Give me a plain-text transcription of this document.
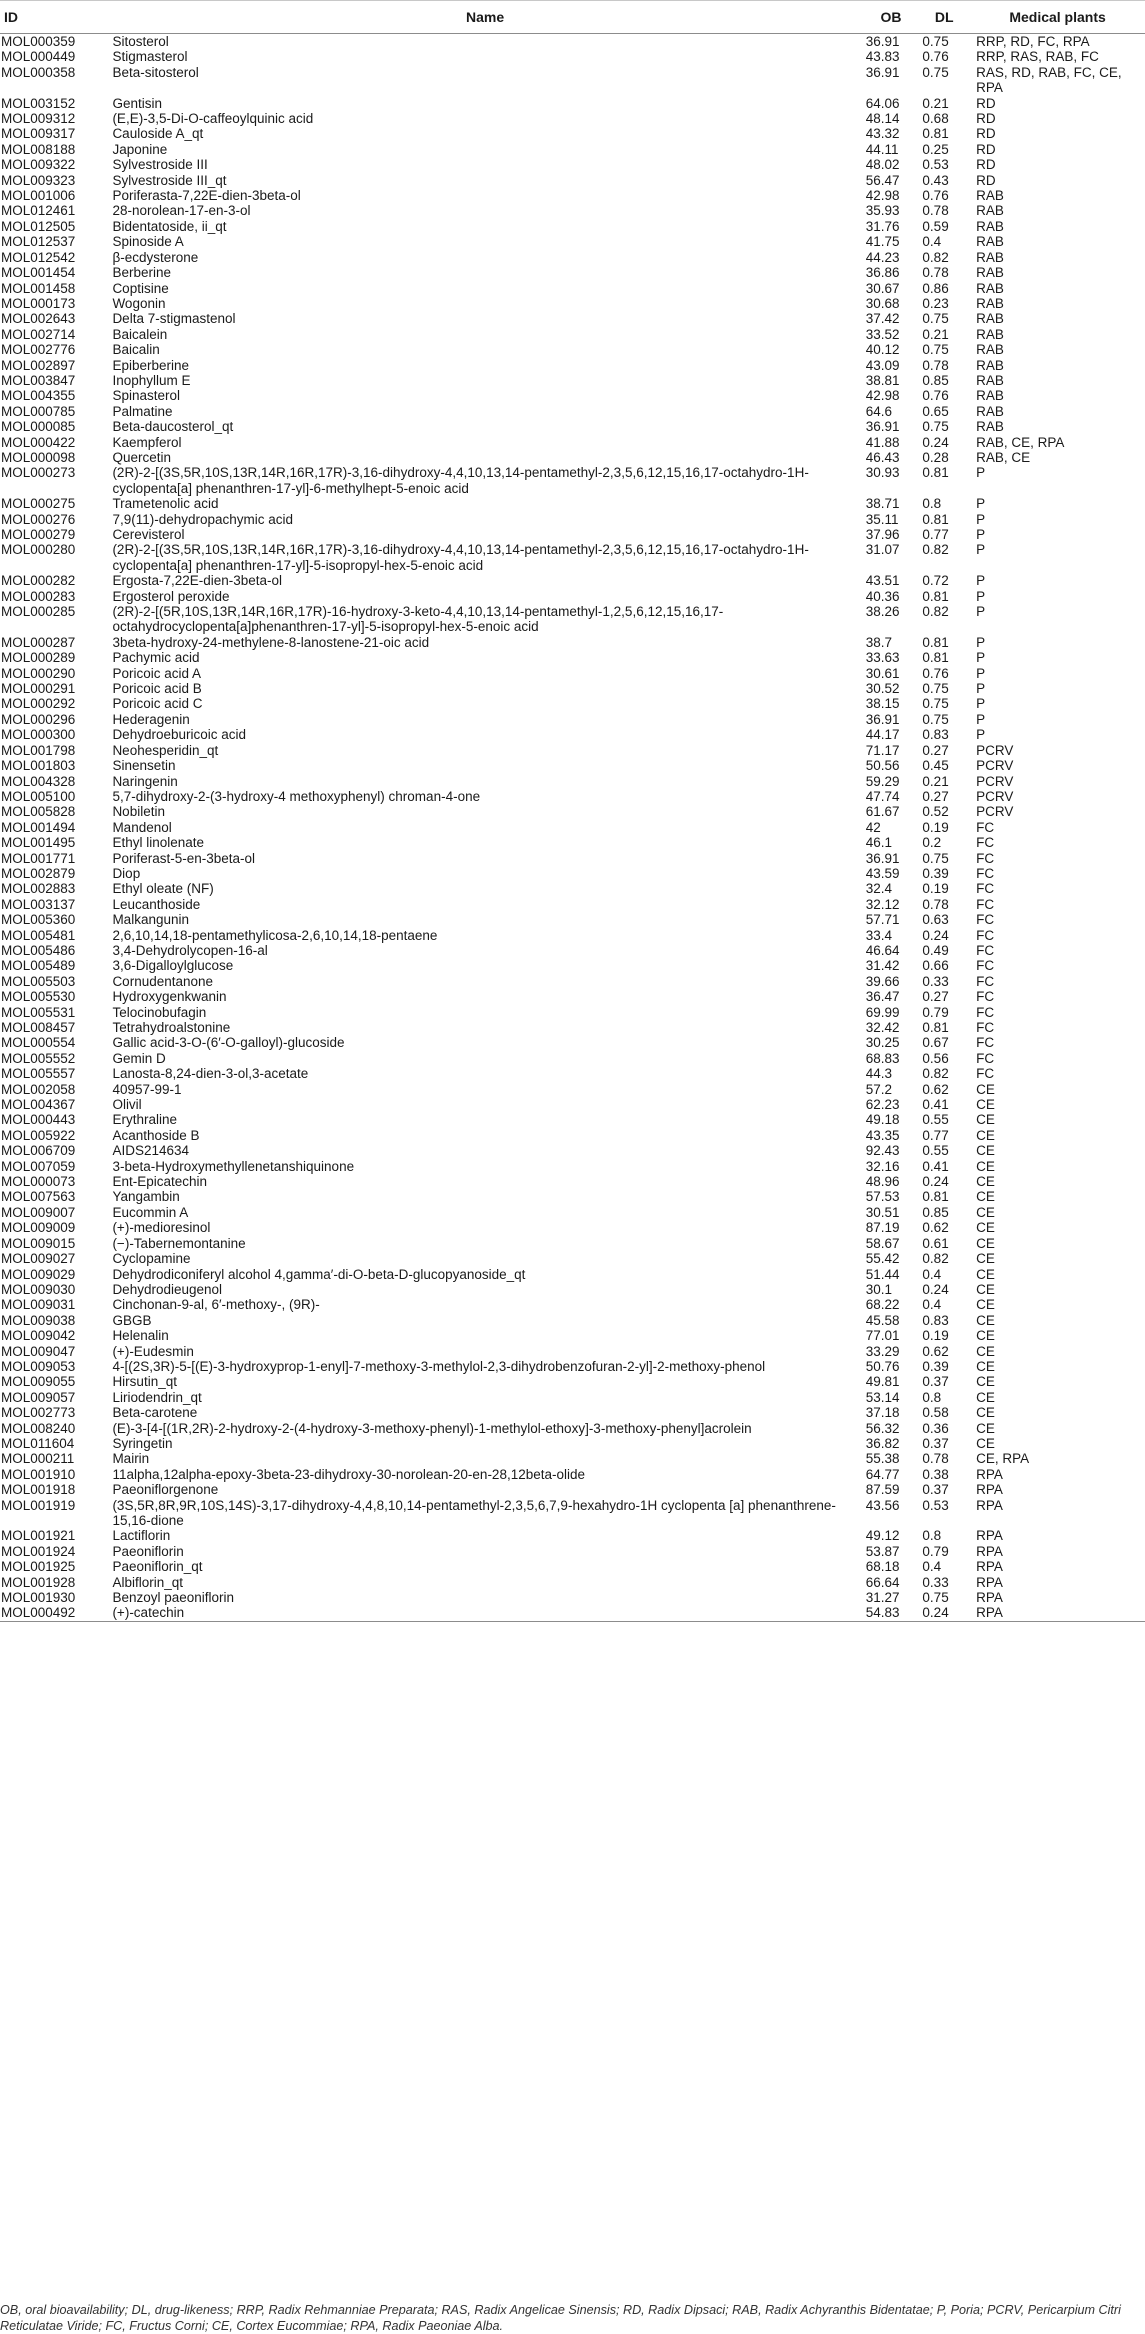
ID	Name	OB	DL	Medical plants
MOL000359	Sitosterol	36.91	0.75	RRP, RD, FC, RPA
MOL000449	Stigmasterol	43.83	0.76	RRP, RAS, RAB, FC
MOL000358	Beta-sitosterol	36.91	0.75	RAS, RD, RAB, FC, CE, RPA
MOL003152	Gentisin	64.06	0.21	RD
MOL009312	(E,E)-3,5-Di-O-caffeoylquinic acid	48.14	0.68	RD
MOL009317	Cauloside A_qt	43.32	0.81	RD
MOL008188	Japonine	44.11	0.25	RD
MOL009322	Sylvestroside III	48.02	0.53	RD
MOL009323	Sylvestroside III_qt	56.47	0.43	RD
MOL001006	Poriferasta-7,22E-dien-3beta-ol	42.98	0.76	RAB
MOL012461	28-norolean-17-en-3-ol	35.93	0.78	RAB
MOL012505	Bidentatoside, ii_qt	31.76	0.59	RAB
MOL012537	Spinoside A	41.75	0.4	RAB
MOL012542	β-ecdysterone	44.23	0.82	RAB
MOL001454	Berberine	36.86	0.78	RAB
MOL001458	Coptisine	30.67	0.86	RAB
MOL000173	Wogonin	30.68	0.23	RAB
MOL002643	Delta 7-stigmastenol	37.42	0.75	RAB
MOL002714	Baicalein	33.52	0.21	RAB
MOL002776	Baicalin	40.12	0.75	RAB
MOL002897	Epiberberine	43.09	0.78	RAB
MOL003847	Inophyllum E	38.81	0.85	RAB
MOL004355	Spinasterol	42.98	0.76	RAB
MOL000785	Palmatine	64.6	0.65	RAB
MOL000085	Beta-daucosterol_qt	36.91	0.75	RAB
MOL000422	Kaempferol	41.88	0.24	RAB, CE, RPA
MOL000098	Quercetin	46.43	0.28	RAB, CE
MOL000273	(2R)-2-[(3S,5R,10S,13R,14R,16R,17R)-3,16-dihydroxy-4,4,10,13,14-pentamethyl-2,3,5,6,12,15,16,17-octahydro-1H-cyclopenta[a] phenanthren-17-yl]-6-methylhept-5-enoic acid	30.93	0.81	P
MOL000275	Trametenolic acid	38.71	0.8	P
MOL000276	7,9(11)-dehydropachymic acid	35.11	0.81	P
MOL000279	Cerevisterol	37.96	0.77	P
MOL000280	(2R)-2-[(3S,5R,10S,13R,14R,16R,17R)-3,16-dihydroxy-4,4,10,13,14-pentamethyl-2,3,5,6,12,15,16,17-octahydro-1H-cyclopenta[a] phenanthren-17-yl]-5-isopropyl-hex-5-enoic acid	31.07	0.82	P
MOL000282	Ergosta-7,22E-dien-3beta-ol	43.51	0.72	P
MOL000283	Ergosterol peroxide	40.36	0.81	P
MOL000285	(2R)-2-[(5R,10S,13R,14R,16R,17R)-16-hydroxy-3-keto-4,4,10,13,14-pentamethyl-1,2,5,6,12,15,16,17-octahydrocyclopenta[a]phenanthren-17-yl]-5-isopropyl-hex-5-enoic acid	38.26	0.82	P
MOL000287	3beta-hydroxy-24-methylene-8-lanostene-21-oic acid	38.7	0.81	P
MOL000289	Pachymic acid	33.63	0.81	P
MOL000290	Poricoic acid A	30.61	0.76	P
MOL000291	Poricoic acid B	30.52	0.75	P
MOL000292	Poricoic acid C	38.15	0.75	P
MOL000296	Hederagenin	36.91	0.75	P
MOL000300	Dehydroeburicoic acid	44.17	0.83	P
MOL001798	Neohesperidin_qt	71.17	0.27	PCRV
MOL001803	Sinensetin	50.56	0.45	PCRV
MOL004328	Naringenin	59.29	0.21	PCRV
MOL005100	5,7-dihydroxy-2-(3-hydroxy-4 methoxyphenyl) chroman-4-one	47.74	0.27	PCRV
MOL005828	Nobiletin	61.67	0.52	PCRV
MOL001494	Mandenol	42	0.19	FC
MOL001495	Ethyl linolenate	46.1	0.2	FC
MOL001771	Poriferast-5-en-3beta-ol	36.91	0.75	FC
MOL002879	Diop	43.59	0.39	FC
MOL002883	Ethyl oleate (NF)	32.4	0.19	FC
MOL003137	Leucanthoside	32.12	0.78	FC
MOL005360	Malkangunin	57.71	0.63	FC
MOL005481	2,6,10,14,18-pentamethylicosa-2,6,10,14,18-pentaene	33.4	0.24	FC
MOL005486	3,4-Dehydrolycopen-16-al	46.64	0.49	FC
MOL005489	3,6-Digalloylglucose	31.42	0.66	FC
MOL005503	Cornudentanone	39.66	0.33	FC
MOL005530	Hydroxygenkwanin	36.47	0.27	FC
MOL005531	Telocinobufagin	69.99	0.79	FC
MOL008457	Tetrahydroalstonine	32.42	0.81	FC
MOL000554	Gallic acid-3-O-(6′-O-galloyl)-glucoside	30.25	0.67	FC
MOL005552	Gemin D	68.83	0.56	FC
MOL005557	Lanosta-8,24-dien-3-ol,3-acetate	44.3	0.82	FC
MOL002058	40957-99-1	57.2	0.62	CE
MOL004367	Olivil	62.23	0.41	CE
MOL000443	Erythraline	49.18	0.55	CE
MOL005922	Acanthoside B	43.35	0.77	CE
MOL006709	AIDS214634	92.43	0.55	CE
MOL007059	3-beta-Hydroxymethyllenetanshiquinone	32.16	0.41	CE
MOL000073	Ent-Epicatechin	48.96	0.24	CE
MOL007563	Yangambin	57.53	0.81	CE
MOL009007	Eucommin A	30.51	0.85	CE
MOL009009	(+)-medioresinol	87.19	0.62	CE
MOL009015	(−)-Tabernemontanine	58.67	0.61	CE
MOL009027	Cyclopamine	55.42	0.82	CE
MOL009029	Dehydrodiconiferyl alcohol 4,gamma′-di-O-beta-D-glucopyanoside_qt	51.44	0.4	CE
MOL009030	Dehydrodieugenol	30.1	0.24	CE
MOL009031	Cinchonan-9-al, 6′-methoxy-, (9R)-	68.22	0.4	CE
MOL009038	GBGB	45.58	0.83	CE
MOL009042	Helenalin	77.01	0.19	CE
MOL009047	(+)-Eudesmin	33.29	0.62	CE
MOL009053	4-[(2S,3R)-5-[(E)-3-hydroxyprop-1-enyl]-7-methoxy-3-methylol-2,3-dihydrobenzofuran-2-yl]-2-methoxy-phenol	50.76	0.39	CE
MOL009055	Hirsutin_qt	49.81	0.37	CE
MOL009057	Liriodendrin_qt	53.14	0.8	CE
MOL002773	Beta-carotene	37.18	0.58	CE
MOL008240	(E)-3-[4-[(1R,2R)-2-hydroxy-2-(4-hydroxy-3-methoxy-phenyl)-1-methylol-ethoxy]-3-methoxy-phenyl]acrolein	56.32	0.36	CE
MOL011604	Syringetin	36.82	0.37	CE
MOL000211	Mairin	55.38	0.78	CE, RPA
MOL001910	11alpha,12alpha-epoxy-3beta-23-dihydroxy-30-norolean-20-en-28,12beta-olide	64.77	0.38	RPA
MOL001918	Paeoniflorgenone	87.59	0.37	RPA
MOL001919	(3S,5R,8R,9R,10S,14S)-3,17-dihydroxy-4,4,8,10,14-pentamethyl-2,3,5,6,7,9-hexahydro-1H cyclopenta [a] phenanthrene-15,16-dione	43.56	0.53	RPA
MOL001921	Lactiflorin	49.12	0.8	RPA
MOL001924	Paeoniflorin	53.87	0.79	RPA
MOL001925	Paeoniflorin_qt	68.18	0.4	RPA
MOL001928	Albiflorin_qt	66.64	0.33	RPA
MOL001930	Benzoyl paeoniflorin	31.27	0.75	RPA
MOL000492	(+)-catechin	54.83	0.24	RPA
OB, oral bioavailability; DL, drug-likeness; RRP, Radix Rehmanniae Preparata; RAS, Radix Angelicae Sinensis; RD, Radix Dipsaci; RAB, Radix Achyranthis Bidentatae; P, Poria; PCRV, Pericarpium Citri Reticulatae Viride; FC, Fructus Corni; CE, Cortex Eucommiae; RPA, Radix Paeoniae Alba.
